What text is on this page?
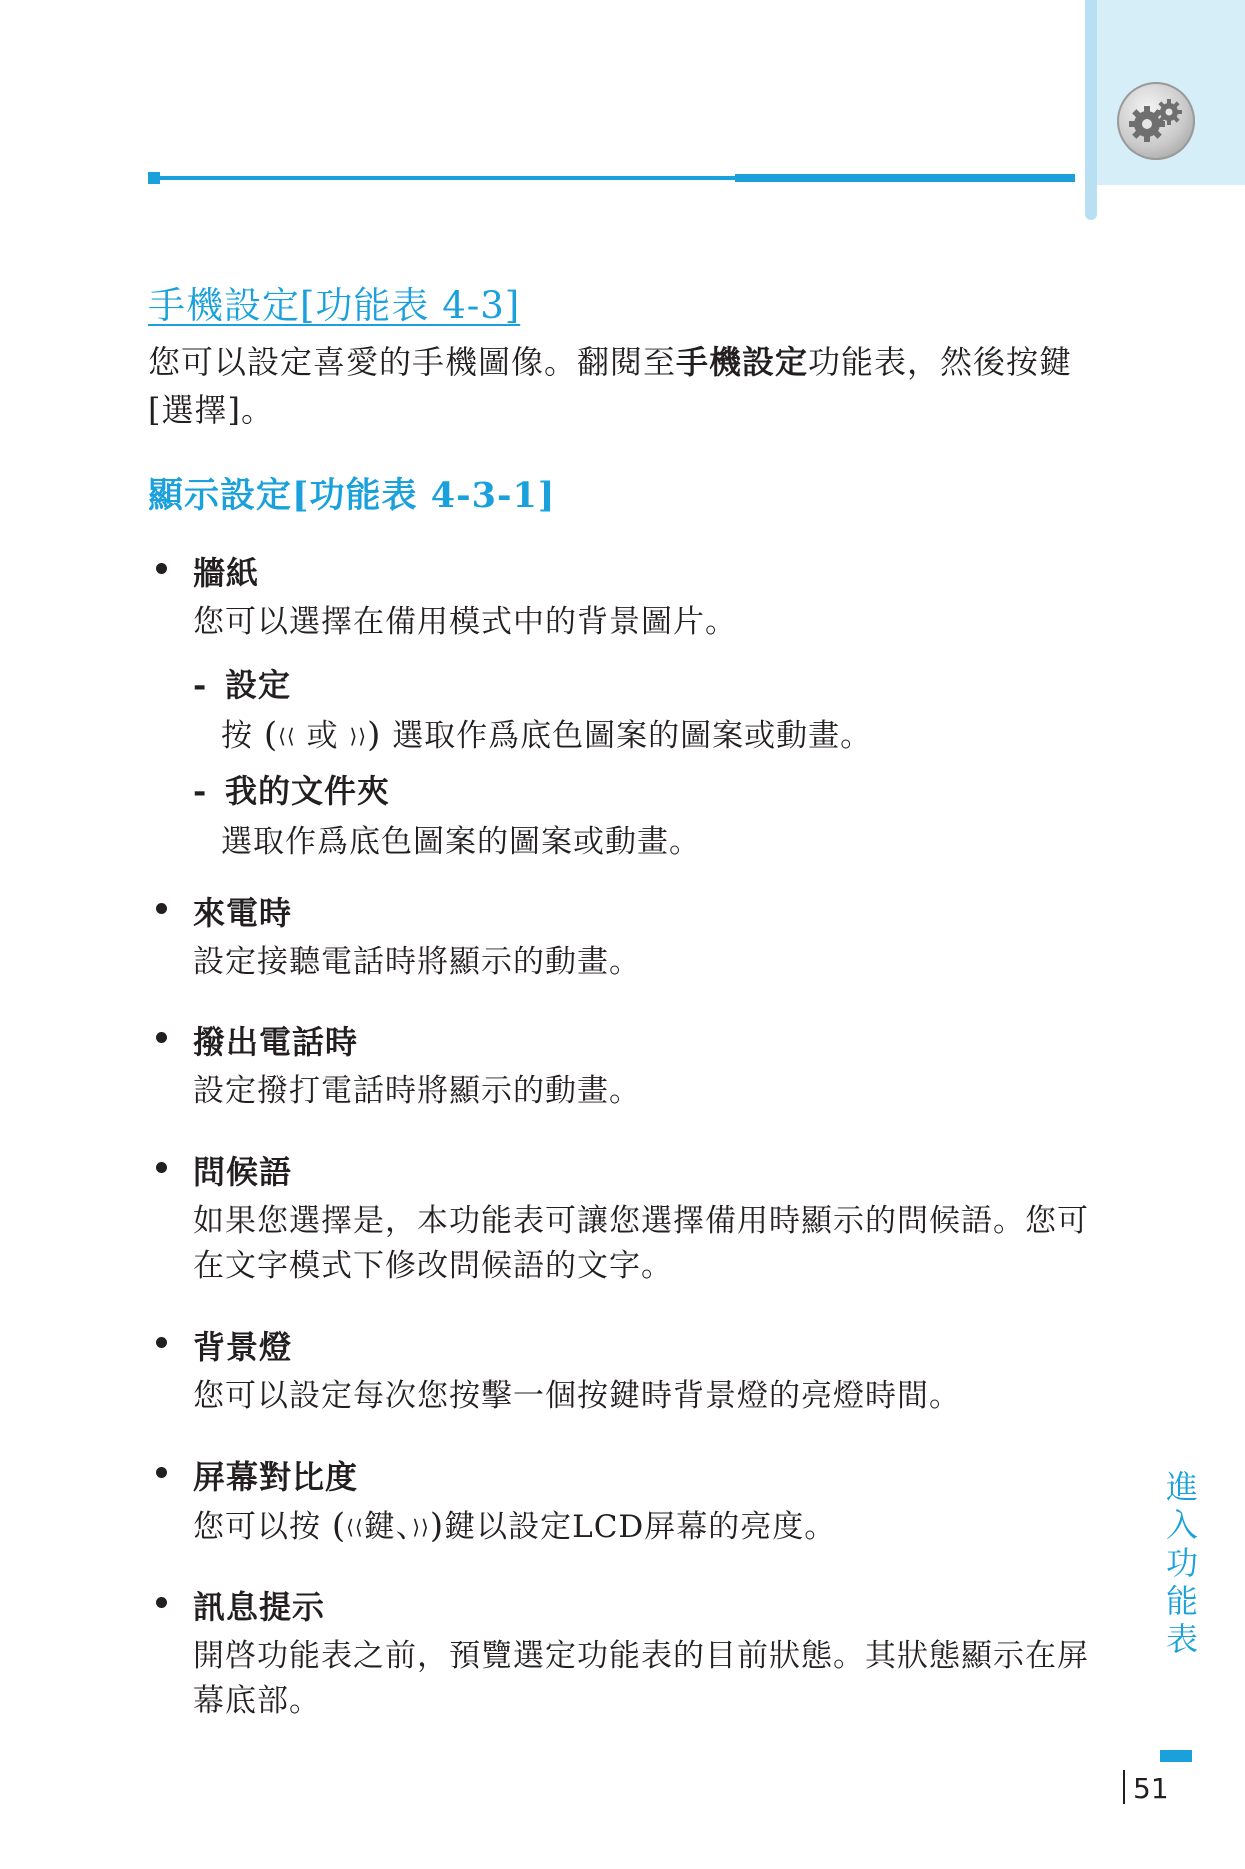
手機設定[功能表 4-3]
您可以設定喜愛的手機圖像。翻閱至手機設定功能表，然後按鍵 [選擇]。
顯示設定[功能表 4-3-1]
牆紙
您可以選擇在備用模式中的背景圖片。
- 設定
按 (⟨⟨ 或 ⟩⟩) 選取作爲底色圖案的圖案或動畫。
- 我的文件夾
選取作爲底色圖案的圖案或動畫。
來電時
設定接聽電話時將顯示的動畫。
撥出電話時
設定撥打電話時將顯示的動畫。
問候語
如果您選擇是，本功能表可讓您選擇備用時顯示的問候語。您可在文字模式下修改問候語的文字。
背景燈
您可以設定每次您按擊一個按鍵時背景燈的亮燈時間。
屏幕對比度
您可以按 (⟨⟨鍵、⟩⟩)鍵以設定LCD屏幕的亮度。
訊息提示
開啓功能表之前，預覽選定功能表的目前狀態。其狀態顯示在屏幕底部。
進入功能表
51
